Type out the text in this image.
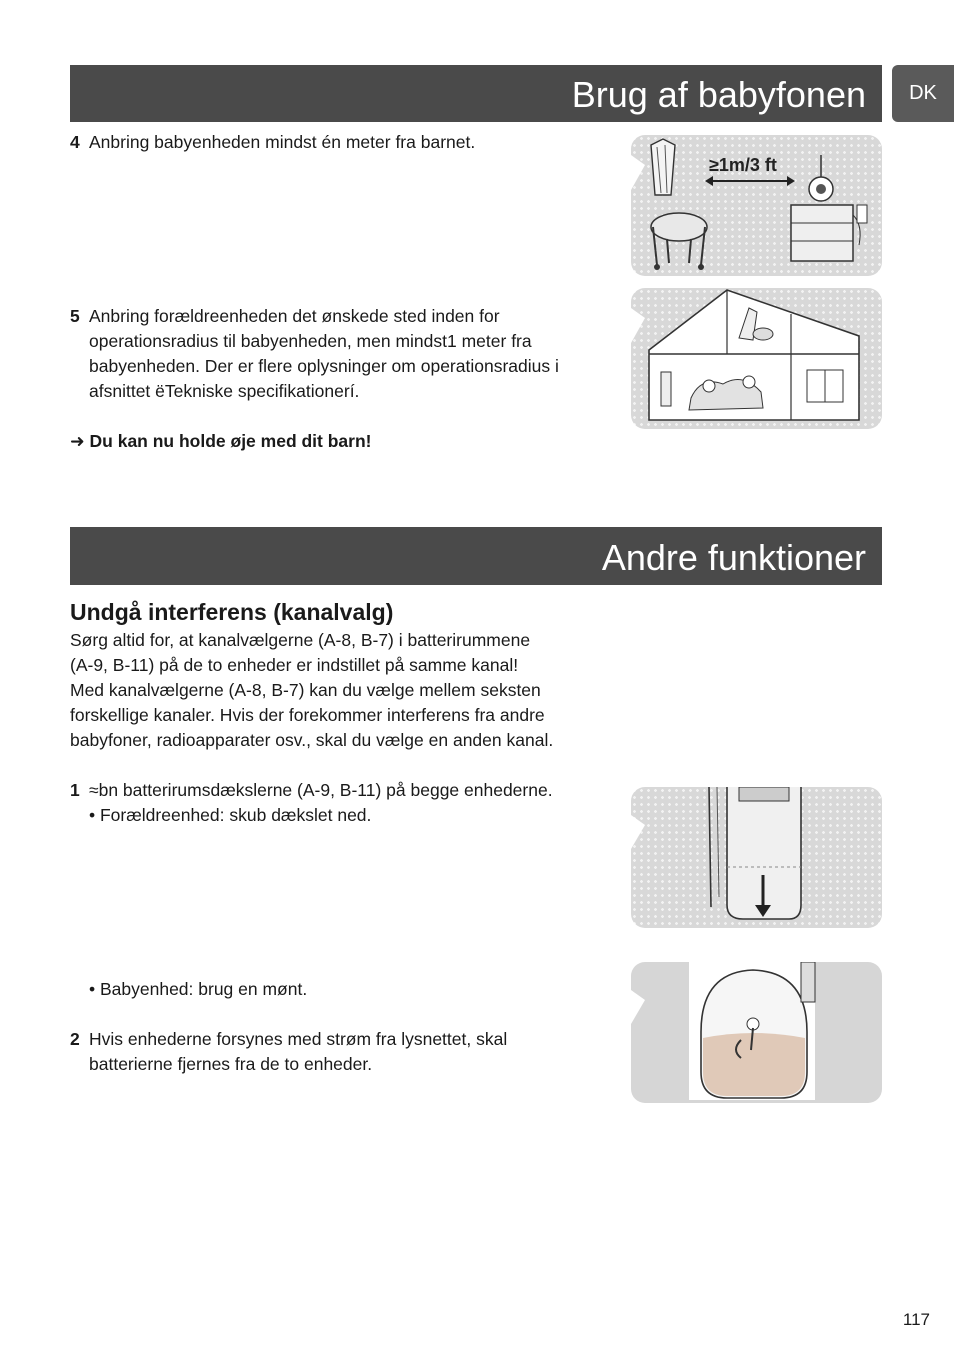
Brug af babyfonen	DK
4 Anbring babyenheden mindst én meter fra barnet.
≥1m/3 ft
5 Anbring forældreenheden det ønskede sted inden for
operationsradius til babyenheden, men mindst1 meter fra
babyenheden. Der er flere oplysninger om operationsradius i
afsnittet ëTekniske specifikationerí.
➜ Du kan nu holde øje med dit barn!
Andre funktioner
Undgå interferens (kanalvalg)
Sørg altid for, at kanalvælgerne (A-8, B-7) i batterirummene
(A-9, B-11) på de to enheder er indstillet på samme kanal!
Med kanalvælgerne (A-8, B-7) kan du vælge mellem seksten
forskellige kanaler. Hvis der forekommer interferens fra andre
babyfoner, radioapparater osv., skal du vælge en anden kanal.
1 ≈bn batterirumsdækslerne (A-9, B-11) på begge enhederne.
• Forældreenhed: skub dækslet ned.
• Babyenhed: brug en mønt.
2 Hvis enhederne forsynes med strøm fra lysnettet, skal
batterierne fjernes fra de to enheder.
117
